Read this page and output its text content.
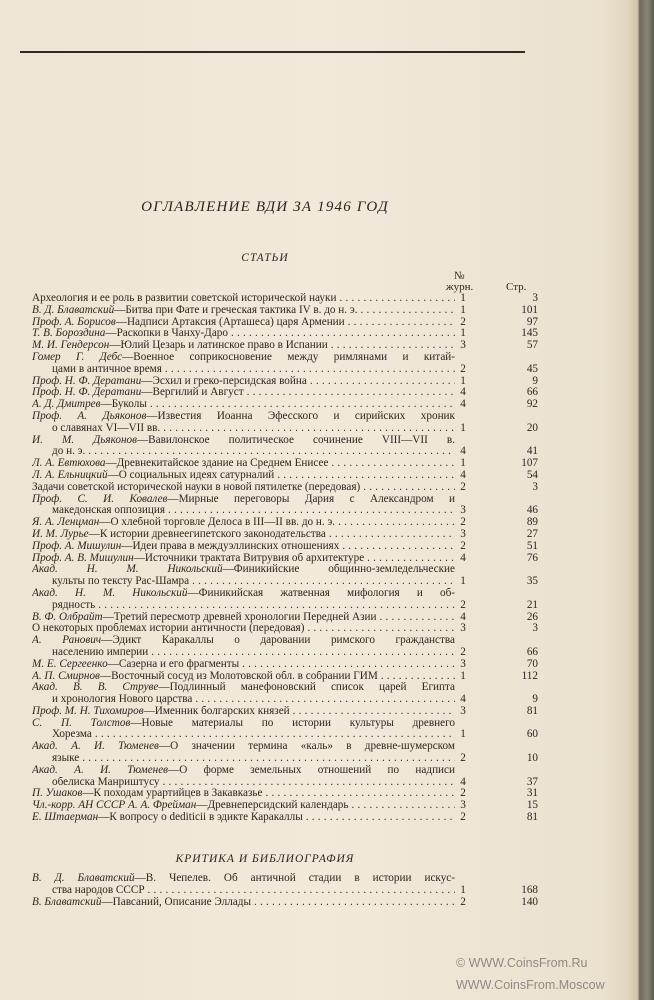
ОГЛАВЛЕНИЕ ВДИ ЗА 1946 ГОД
СТАТЬИ
№
журн.	Стр.
Археология и ее роль в развитии советской исторической науки .....	1	3
В. Д. Блаватский —Битва при Фате и греческая тактика IV в. до н. э. .....	1	101
Проф. А. Борисов —Надписи Артаксия (Арташеса) царя Армении .....	2	97
Т. В. Бороздина —Раскопки в Чанху-Даро .....	1	145
М. И. Гендерсон —Юлий Цезарь и латинское право в Испании .....	3	57
Гомер Г. Дебс—Военное соприкосновение между римлянами и китай-
цами в античное время .....	2	45
Проф. Н. Ф. Дератани —Эсхил и греко-персидская война .....	1	9
Проф. Н. Ф. Дератани —Вергилий и Август .....	4	66
А. Д. Дмитрев —Буколы .....	4	92
Проф. А. Дьяконов—Известия Иоанна Эфесского и сирийских хроник
о славянах VI—VII вв. .....	1	20
И. М. Дьяконов—Вавилонское политическое сочинение VIII—VII в.
до н. э. .....	4	41
Л. А. Евтюхова —Древнекитайское здание на Среднем Енисее .....	1	107
Л. А. Ельницкий —О социальных идеях сатурналий .....	4	54
Задачи советской исторической науки в новой пятилетке (передовая) .....	2	3
Проф. С. И. Ковалев—Мирные переговоры Дария с Александром и
македонская оппозиция .....	3	46
Я. А. Ленцман —О хлебной торговле Делоса в III—II вв. до н. э. .....	2	89
И. М. Лурье —К истории древнеегипетского законодательства .....	3	27
Проф. А. Мишулин —Идеи права в междуэллинских отношениях .....	2	51
Проф. А. В. Мишулин —Источники трактата Витрувия об архитектуре .....	4	76
Акад. Н. М. Никольский—Финикийские общинно-земледельческие
культы по тексту Рас-Шамра .....	1	35
Акад. Н. М. Никольский—Финикийская жатвенная мифология и об-
рядность .....	2	21
В. Ф. Олбрайт —Третий пересмотр древней хронологии Передней Азии .....	4	26
О некоторых проблемах истории античности (передовая) .....	3	3
А. Ранович—Эдикт Каракаллы о даровании римского гражданства
населению империи .....	2	66
М. Е. Сергеенко —Сазерна и его фрагменты .....	3	70
А. П. Смирнов —Восточный сосуд из Молотовской обл. в собрании ГИМ .....	1	112
Акад. В. В. Струве—Подлинный манефоновский список царей Египта
и хронология Нового царства .....	4	9
Проф. М. Н. Тихомиров —Именник болгарских князей .....	3	81
С. П. Толстов—Новые материалы по истории культуры древнего
Хорезма .....	1	60
Акад. А. И. Тюменев—О значении термина «каль» в древне-шумерском
языке .....	2	10
Акад. А. И. Тюменев—О форме земельных отношений по надписи
обелиска Манриштусу .....	4	37
П. Ушаков —К походам урартийцев в Закавказье .....	2	31
Чл.-корр. АН СССР А. А. Фрейман —Древнеперсидский календарь .....	3	15
Е. Штаерман —К вопросу о dediticii в эдикте Каракаллы .....	2	81
КРИТИКА И БИБЛИОГРАФИЯ
В. Д. Блаватский—В. Чепелев. Об античной стадии в истории искус-
ства народов СССР .....	1	168
В. Блаватский —Павсаний, Описание Эллады .....	2	140
© WWW.CoinsFrom.Ru
WWW.CoinsFrom.Moscow
